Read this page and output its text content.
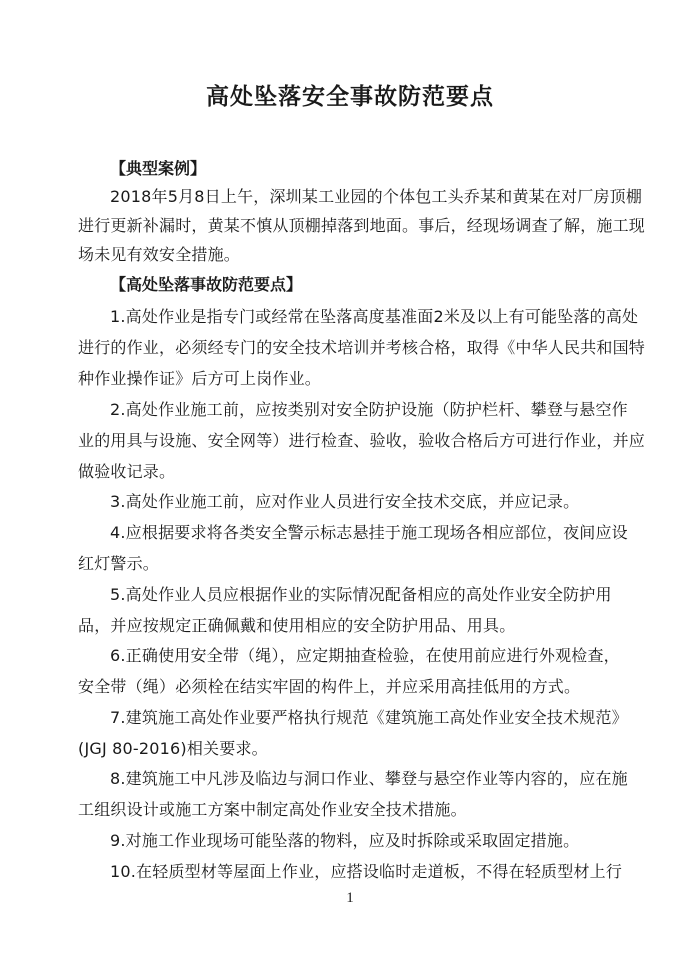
高处坠落安全事故防范要点
【典型案例】
2018年5月8日上午，深圳某工业园的个体包工头乔某和黄某在对厂房顶棚
进行更新补漏时，黄某不慎从顶棚掉落到地面。事后，经现场调查了解，施工现
场未见有效安全措施。
【高处坠落事故防范要点】
1.高处作业是指专门或经常在坠落高度基准面2米及以上有可能坠落的高处
进行的作业，必须经专门的安全技术培训并考核合格，取得《中华人民共和国特
种作业操作证》后方可上岗作业。
2.高处作业施工前，应按类别对安全防护设施（防护栏杆、攀登与悬空作
业的用具与设施、安全网等）进行检查、验收，验收合格后方可进行作业，并应
做验收记录。
3.高处作业施工前，应对作业人员进行安全技术交底，并应记录。
4.应根据要求将各类安全警示标志悬挂于施工现场各相应部位，夜间应设
红灯警示。
5.高处作业人员应根据作业的实际情况配备相应的高处作业安全防护用
品，并应按规定正确佩戴和使用相应的安全防护用品、用具。
6.正确使用安全带（绳），应定期抽查检验，在使用前应进行外观检查，
安全带（绳）必须栓在结实牢固的构件上，并应采用高挂低用的方式。
7.建筑施工高处作业要严格执行规范《建筑施工高处作业安全技术规范》
(JGJ 80-2016)相关要求。
8.建筑施工中凡涉及临边与洞口作业、攀登与悬空作业等内容的，应在施
工组织设计或施工方案中制定高处作业安全技术措施。
9.对施工作业现场可能坠落的物料，应及时拆除或采取固定措施。
10.在轻质型材等屋面上作业，应搭设临时走道板，不得在轻质型材上行
1
